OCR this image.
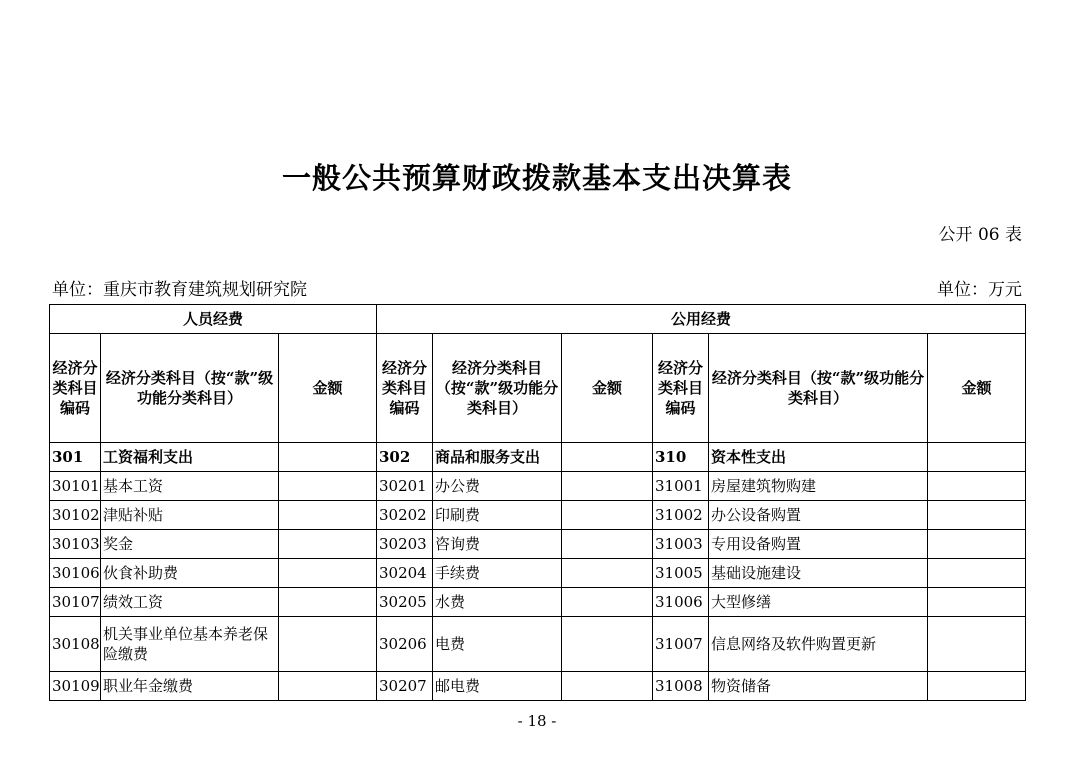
一般公共预算财政拨款基本支出决算表
公开 06 表
单位：重庆市教育建筑规划研究院	单位：万元
人员经费			公用经费					
经济分类科目编码	经济分类科目（按“款”级功能分类科目）	金额	经济分类科目编码	经济分类科目（按“款”级功能分类科目）	金额	经济分类科目编码	经济分类科目（按“款”级功能分类科目）	金额
301	工资福利支出		302	商品和服务支出		310	资本性支出	
30101	基本工资		30201	办公费		31001	房屋建筑物购建	
30102	津贴补贴		30202	印刷费		31002	办公设备购置	
30103	奖金		30203	咨询费		31003	专用设备购置	
30106	伙食补助费		30204	手续费		31005	基础设施建设	
30107	绩效工资		30205	水费		31006	大型修缮	
30108	机关事业单位基本养老保险缴费		30206	电费		31007	信息网络及软件购置更新	
30109	职业年金缴费		30207	邮电费		31008	物资储备	
- 18 -
